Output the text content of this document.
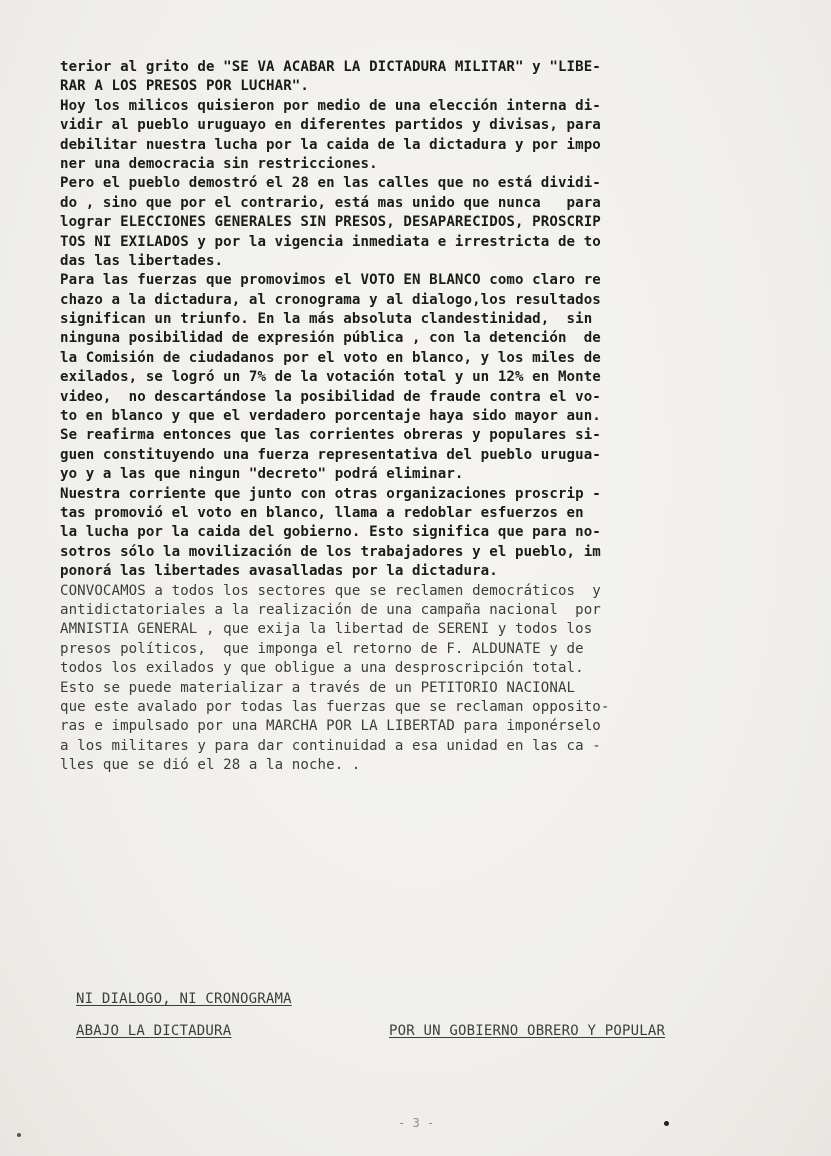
terior al grito de "SE VA ACABAR LA DICTADURA MILITAR" y "LIBE-
RAR A LOS PRESOS POR LUCHAR".
Hoy los milicos quisieron por medio de una elección interna di-
vidir al pueblo uruguayo en diferentes partidos y divisas, para
debilitar nuestra lucha por la caida de la dictadura y por impo
ner una democracia sin restricciones.
Pero el pueblo demostró el 28 en las calles que no está dividi-
do , sino que por el contrario, está mas unido que nunca   para
lograr ELECCIONES GENERALES SIN PRESOS, DESAPARECIDOS, PROSCRIP
TOS NI EXILADOS y por la vigencia inmediata e irrestricta de to
das las libertades.
Para las fuerzas que promovimos el VOTO EN BLANCO como claro re
chazo a la dictadura, al cronograma y al dialogo,los resultados
significan un triunfo. En la más absoluta clandestinidad,  sin
ninguna posibilidad de expresión pública , con la detención  de
la Comisión de ciudadanos por el voto en blanco, y los miles de
exilados, se logró un 7% de la votación total y un 12% en Monte
video,  no descartándose la posibilidad de fraude contra el vo-
to en blanco y que el verdadero porcentaje haya sido mayor aun.
Se reafirma entonces que las corrientes obreras y populares si-
guen constituyendo una fuerza representativa del pueblo urugua-
yo y a las que ningun "decreto" podrá eliminar.
Nuestra corriente que junto con otras organizaciones proscrip -
tas promovió el voto en blanco, llama a redoblar esfuerzos en
la lucha por la caida del gobierno. Esto significa que para no-
sotros sólo la movilización de los trabajadores y el pueblo, im
ponorá las libertades avasalladas por la dictadura.
CONVOCAMOS a todos los sectores que se reclamen democráticos  y
antidictatoriales a la realización de una campaña nacional  por
AMNISTIA GENERAL , que exija la libertad de SERENI y todos los
presos políticos,  que imponga el retorno de F. ALDUNATE y de
todos los exilados y que obligue a una desproscripción total.
Esto se puede materializar a través de un PETITORIO NACIONAL
que este avalado por todas las fuerzas que se reclaman opposito-
ras e impulsado por una MARCHA POR LA LIBERTAD para imponérselo
a los militares y para dar continuidad a esa unidad en las ca -
lles que se dió el 28 a la noche. .
NI DIALOGO, NI CRONOGRAMA
ABAJO LA DICTADURA	POR UN GOBIERNO OBRERO Y POPULAR
- 3 -
